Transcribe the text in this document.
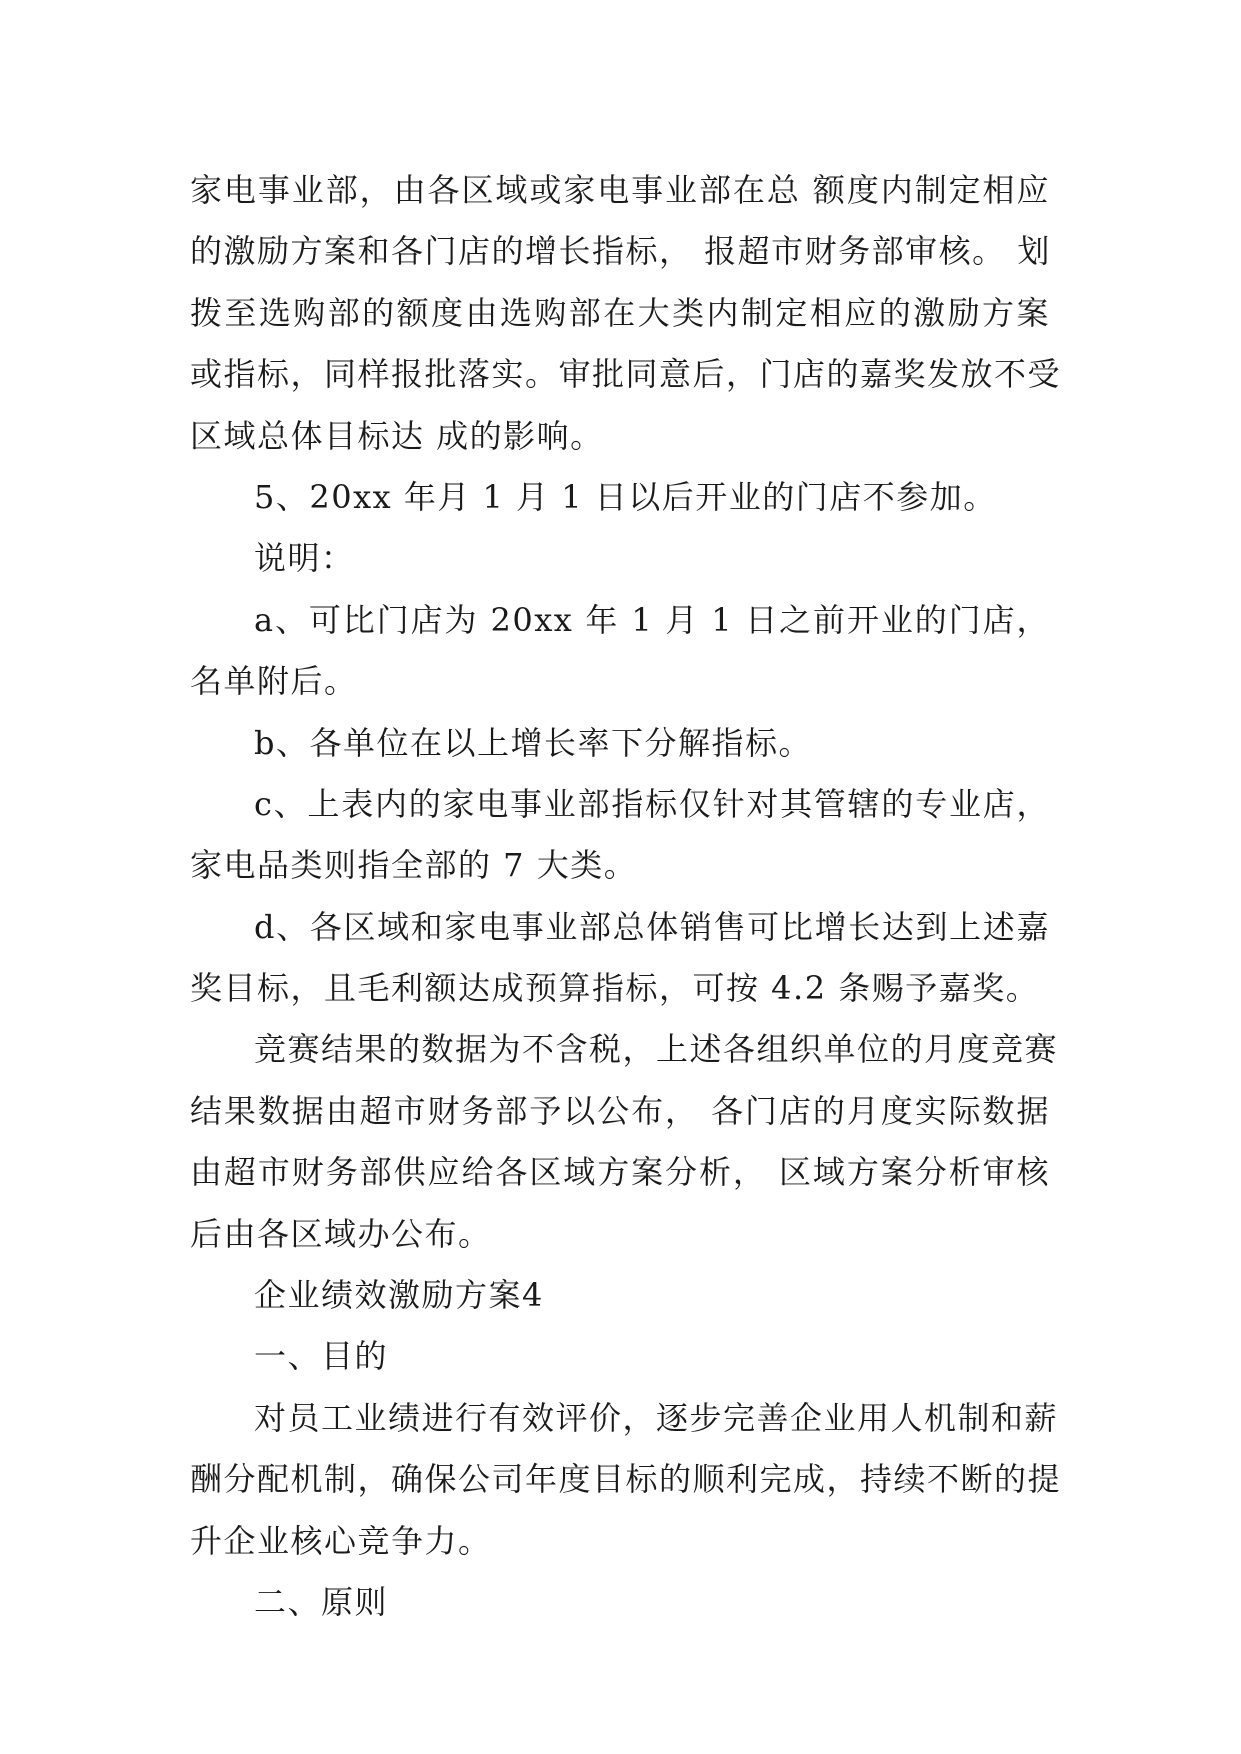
家电事业部，由各区域或家电事业部在总 额度内制定相应
的激励方案和各门店的增长指标， 报超市财务部审核。 划
拨至选购部的额度由选购部在大类内制定相应的激励方案
或指标，同样报批落实。审批同意后，门店的嘉奖发放不受
区域总体目标达 成的影响。
5、20xx 年月 1 月 1 日以后开业的门店不参加。
说明：
a、可比门店为 20xx 年 1 月 1 日之前开业的门店，
名单附后。
b、各单位在以上增长率下分解指标。
c、上表内的家电事业部指标仅针对其管辖的专业店，
家电品类则指全部的 7 大类。
d、各区域和家电事业部总体销售可比增长达到上述嘉
奖目标，且毛利额达成预算指标，可按 4.2 条赐予嘉奖。
竞赛结果的数据为不含税，上述各组织单位的月度竞赛
结果数据由超市财务部予以公布， 各门店的月度实际数据
由超市财务部供应给各区域方案分析， 区域方案分析审核
后由各区域办公布。
企业绩效激励方案4
一、目的
对员工业绩进行有效评价，逐步完善企业用人机制和薪
酬分配机制，确保公司年度目标的顺利完成，持续不断的提
升企业核心竞争力。
二、原则
